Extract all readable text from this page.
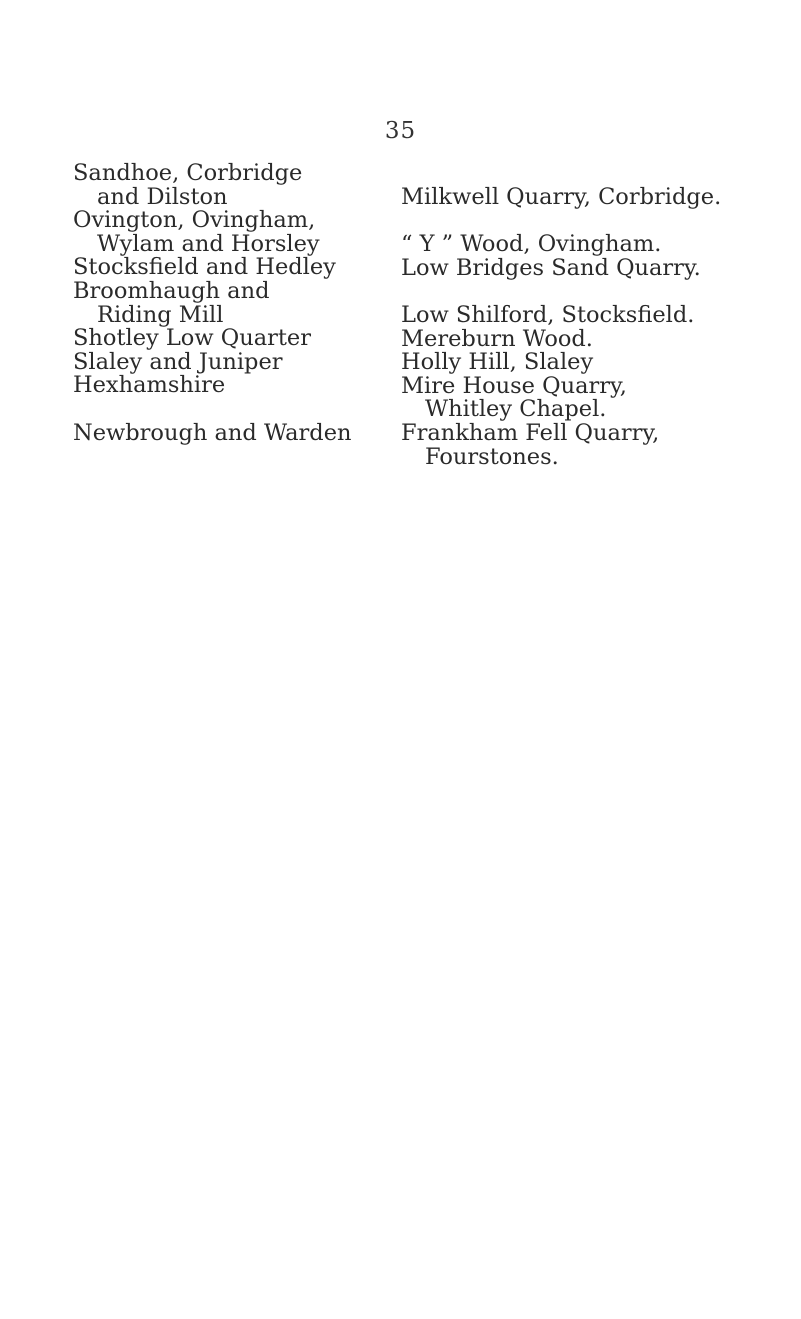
35
Sandhoe, Corbridge
and Dilston
Ovington, Ovingham,
Wylam and Horsley
Stocksfield and Hedley
Broomhaugh and
Riding Mill
Shotley Low Quarter
Slaley and Juniper
Hexhamshire
Newbrough and Warden
Milkwell Quarry, Corbridge.
“ Y ” Wood, Ovingham.
Low Bridges Sand Quarry.
Low Shilford, Stocksfield.
Mereburn Wood.
Holly Hill, Slaley
Mire House Quarry,
Whitley Chapel.
Frankham Fell Quarry,
Fourstones.
